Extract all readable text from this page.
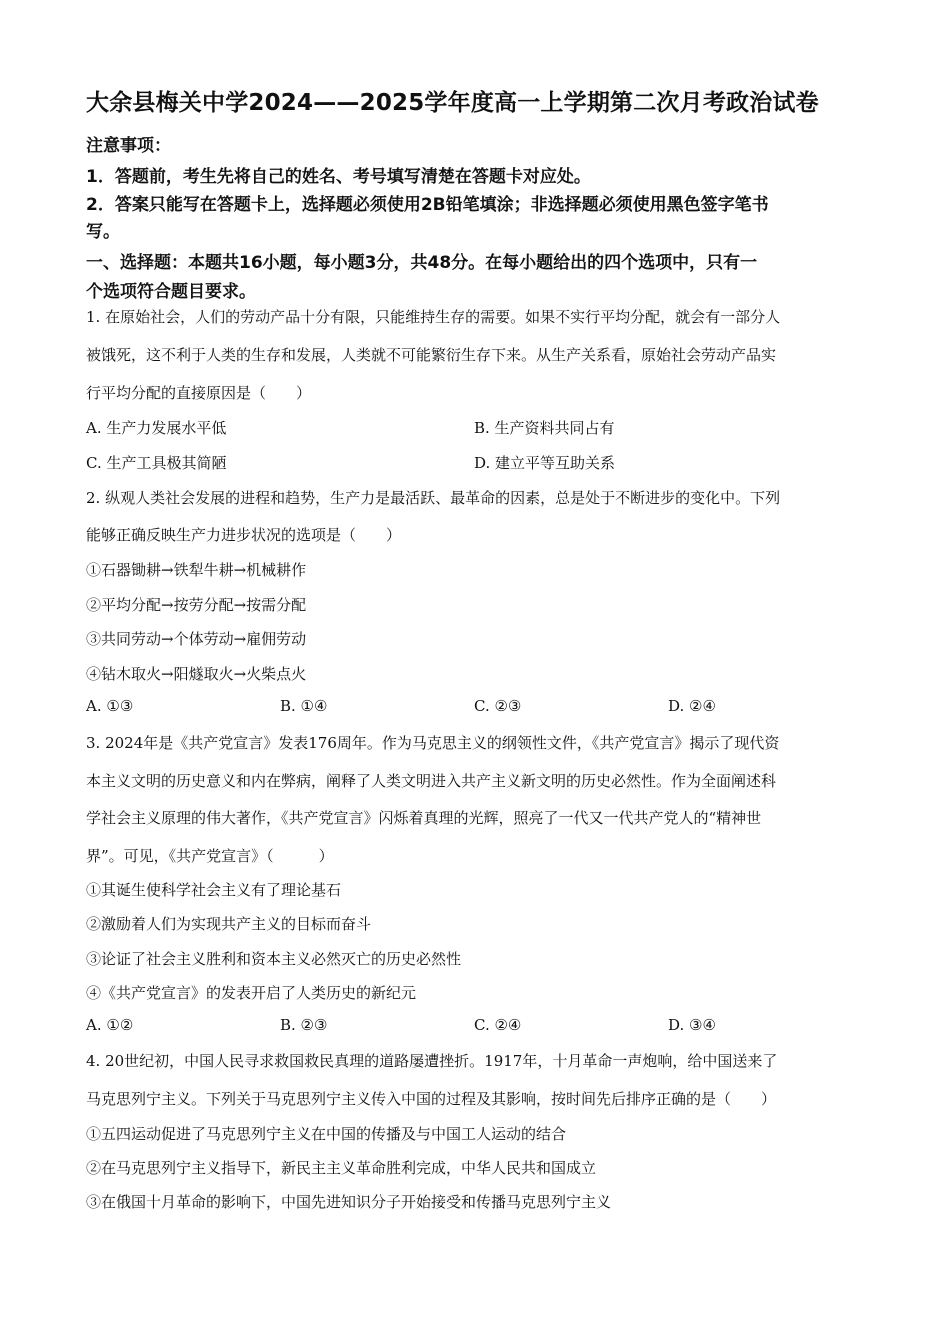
大余县梅关中学2024——2025学年度高一上学期第二次月考政治试卷
注意事项：
1．答题前，考生先将自己的姓名、考号填写清楚在答题卡对应处。
2．答案只能写在答题卡上，选择题必须使用2B铅笔填涂；非选择题必须使用黑色签字笔书
写。
一、选择题：本题共16小题，每小题3分，共48分。在每小题给出的四个选项中，只有一
个选项符合题目要求。
1. 在原始社会，人们的劳动产品十分有限，只能维持生存的需要。如果不实行平均分配，就会有一部分人
被饿死，这不利于人类的生存和发展，人类就不可能繁衍生存下来。从生产关系看，原始社会劳动产品实
行平均分配的直接原因是（　　）
A. 生产力发展水平低	B. 生产资料共同占有
C. 生产工具极其简陋	D. 建立平等互助关系
2. 纵观人类社会发展的进程和趋势，生产力是最活跃、最革命的因素，总是处于不断进步的变化中。下列
能够正确反映生产力进步状况的选项是（　　）
①石器锄耕→铁犁牛耕→机械耕作
②平均分配→按劳分配→按需分配
③共同劳动→个体劳动→雇佣劳动
④钻木取火→阳燧取火→火柴点火
A. ①③	B. ①④	C. ②③	D. ②④
3. 2024年是《共产党宣言》发表176周年。作为马克思主义的纲领性文件，《共产党宣言》揭示了现代资
本主义文明的历史意义和内在弊病，阐释了人类文明进入共产主义新文明的历史必然性。作为全面阐述科
学社会主义原理的伟大著作，《共产党宣言》闪烁着真理的光辉，照亮了一代又一代共产党人的“精神世
界”。可见，《共产党宣言》（　　　）
①其诞生使科学社会主义有了理论基石
②激励着人们为实现共产主义的目标而奋斗
③论证了社会主义胜利和资本主义必然灭亡的历史必然性
④《共产党宣言》的发表开启了人类历史的新纪元
A. ①②	B. ②③	C. ②④	D. ③④
4. 20世纪初，中国人民寻求救国救民真理的道路屡遭挫折。1917年，十月革命一声炮响，给中国送来了
马克思列宁主义。下列关于马克思列宁主义传入中国的过程及其影响，按时间先后排序正确的是（　　）
①五四运动促进了马克思列宁主义在中国的传播及与中国工人运动的结合
②在马克思列宁主义指导下，新民主主义革命胜利完成，中华人民共和国成立
③在俄国十月革命的影响下，中国先进知识分子开始接受和传播马克思列宁主义
